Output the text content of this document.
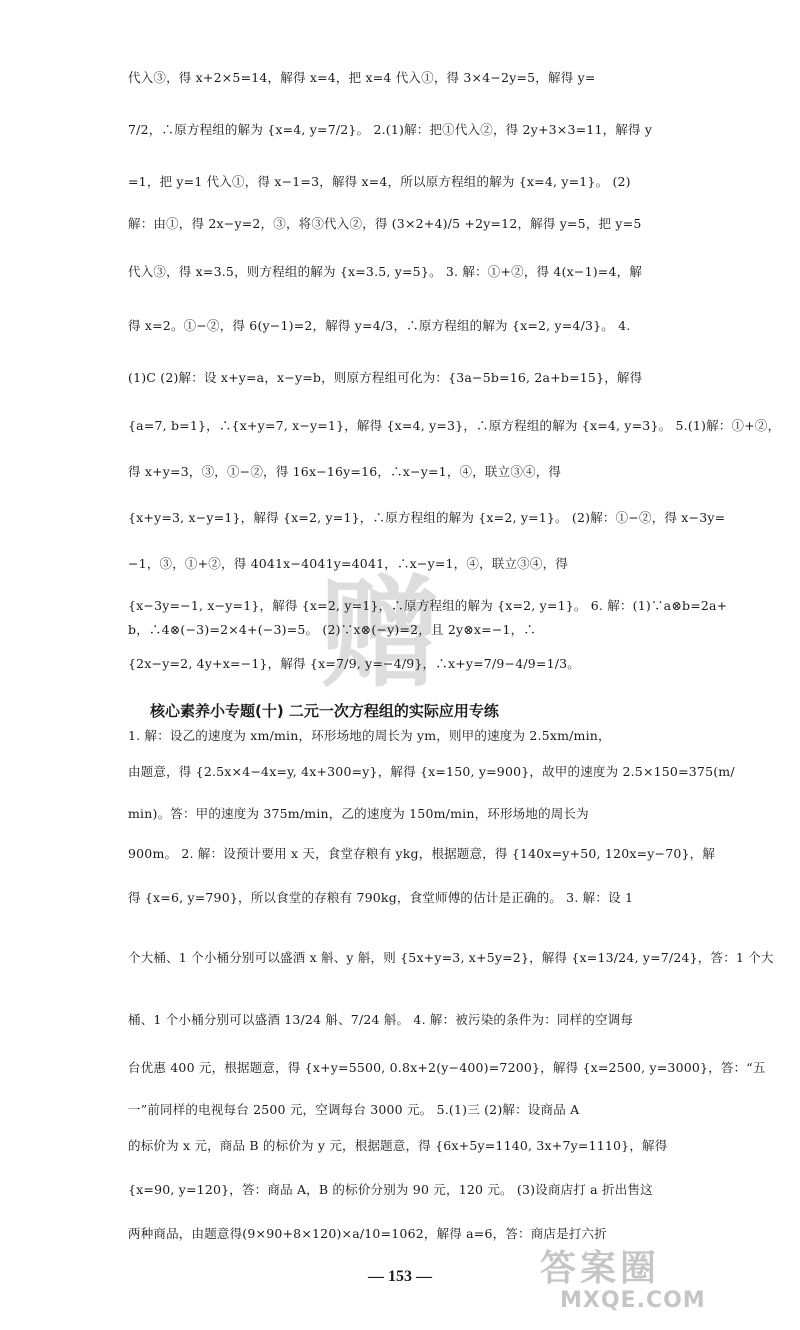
赠
代入③，得 x+2×5=14，解得 x=4，把 x=4 代入①，得 3×4−2y=5，解得 y=
7/2，∴原方程组的解为 {x=4, y=7/2}。 2.(1)解：把①代入②，得 2y+3×3=11，解得 y
=1，把 y=1 代入①，得 x−1=3，解得 x=4，所以原方程组的解为 {x=4, y=1}。 (2)
解：由①，得 2x−y=2，③，将③代入②，得 (3×2+4)/5 +2y=12，解得 y=5，把 y=5
代入③，得 x=3.5，则方程组的解为 {x=3.5, y=5}。 3. 解：①+②，得 4(x−1)=4，解
得 x=2。①−②，得 6(y−1)=2，解得 y=4/3，∴原方程组的解为 {x=2, y=4/3}。 4.
(1)C (2)解：设 x+y=a，x−y=b，则原方程组可化为：{3a−5b=16, 2a+b=15}，解得
{a=7, b=1}，∴{x+y=7, x−y=1}，解得 {x=4, y=3}，∴原方程组的解为 {x=4, y=3}。 5.(1)解：①+②，
得 x+y=3，③，①−②，得 16x−16y=16，∴x−y=1，④，联立③④，得
{x+y=3, x−y=1}，解得 {x=2, y=1}，∴原方程组的解为 {x=2, y=1}。 (2)解：①−②，得 x−3y=
−1，③，①+②，得 4041x−4041y=4041，∴x−y=1，④，联立③④，得
{x−3y=−1, x−y=1}，解得 {x=2, y=1}，∴原方程组的解为 {x=2, y=1}。 6. 解：(1)∵a⊗b=2a+
b，∴4⊗(−3)=2×4+(−3)=5。 (2)∵x⊗(−y)=2，且 2y⊗x=−1，∴
{2x−y=2, 4y+x=−1}，解得 {x=7/9, y=−4/9}，∴x+y=7/9−4/9=1/3。
核心素养小专题(十) 二元一次方程组的实际应用专练
1. 解：设乙的速度为 xm/min，环形场地的周长为 ym，则甲的速度为 2.5xm/min，
由题意，得 {2.5x×4−4x=y, 4x+300=y}，解得 {x=150, y=900}，故甲的速度为 2.5×150=375(m/
min)。答：甲的速度为 375m/min，乙的速度为 150m/min，环形场地的周长为
900m。 2. 解：设预计要用 x 天，食堂存粮有 ykg，根据题意，得 {140x=y+50, 120x=y−70}，解
得 {x=6, y=790}，所以食堂的存粮有 790kg，食堂师傅的估计是正确的。 3. 解：设 1
个大桶、1 个小桶分别可以盛酒 x 斛、y 斛，则 {5x+y=3, x+5y=2}，解得 {x=13/24, y=7/24}，答：1 个大
桶、1 个小桶分别可以盛酒 13/24 斛、7/24 斛。 4. 解：被污染的条件为：同样的空调每
台优惠 400 元，根据题意，得 {x+y=5500, 0.8x+2(y−400)=7200}，解得 {x=2500, y=3000}，答：“五
一”前同样的电视每台 2500 元，空调每台 3000 元。 5.(1)三 (2)解：设商品 A
的标价为 x 元，商品 B 的标价为 y 元，根据题意，得 {6x+5y=1140, 3x+7y=1110}，解得
{x=90, y=120}，答：商品 A，B 的标价分别为 90 元，120 元。 (3)设商店打 a 折出售这
两种商品，由题意得(9×90+8×120)×a/10=1062，解得 a=6，答：商店是打六折
— 153 —	答案圈
MXQE.COM
